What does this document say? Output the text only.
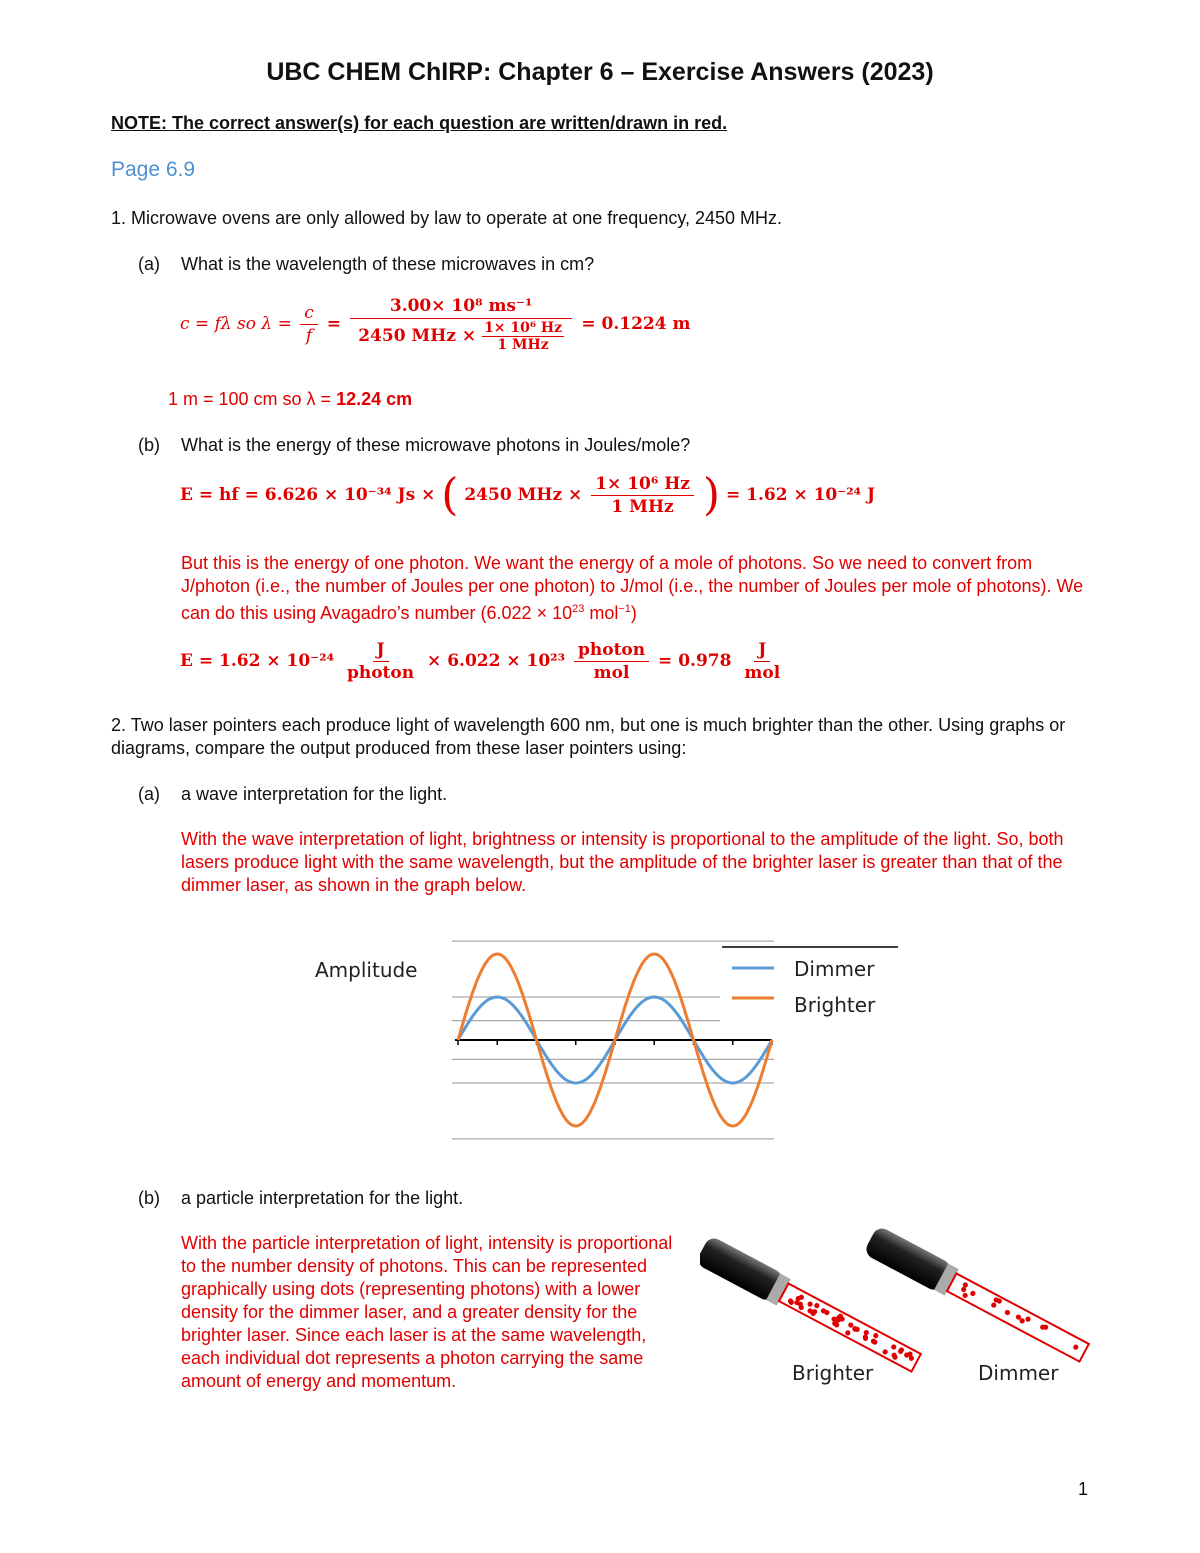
UBC CHEM ChIRP: Chapter 6 – Exercise Answers (2023)
NOTE: The correct answer(s) for each question are written/drawn in red.
Page 6.9
1. Microwave ovens are only allowed by law to operate at one frequency, 2450 MHz.
(a) What is the wavelength of these microwaves in cm?
c = fλ so $\lambda = \frac{c}{f} = \frac{\text{3.00× 10⁸ ms⁻¹}}{2450 MHz \times \frac{\text{1× 10⁶ Hz}}{\text{1 MHz}}} = 0.1224$ m
1 m = 100 cm so λ = 12.24 cm
(b) What is the energy of these microwave photons in Joules/mole?
E = hf = 6.626 × 10⁻³⁴ Js × ( 2450 MHz × $\frac{\text{1× 10⁶ Hz}}{\text{1 MHz}}$ ) = 1.62 × 10⁻²⁴ J
But this is the energy of one photon. We want the energy of a mole of photons. So we need to convert from J/photon (i.e., the number of Joules per one photon) to J/mol (i.e., the number of Joules per mole of photons). We can do this using Avagadro’s number ($6.022 \times 10^{23}$ mol$^{-1}$)
$E = 1.62 \times 10^{-24} \frac{J}{\text{photon}} \times 6.022 \times 10^{23} \frac{\text{photon}}{\text{mol}} = 0.978 \frac{J}{\text{mol}}$
2. Two laser pointers each produce light of wavelength 600 nm, but one is much brighter than the other. Using graphs or diagrams, compare the output produced from these laser pointers using:
(a) a wave interpretation for the light.
With the wave interpretation of light, brightness or intensity is proportional to the amplitude of the light. So, both lasers produce light with the same wavelength, but the amplitude of the brighter laser is greater than that of the dimmer laser, as shown in the graph below.
Amplitude	Dimmer
Brighter
(b) a particle interpretation for the light.
With the particle interpretation of light, intensity is proportional to the number density of photons. This can be represented graphically using dots (representing photons) with a lower density for the dimmer laser, and a greater density for the brighter laser. Since each laser is at the same wavelength, each individual dot represents a photon carrying the same amount of energy and momentum.	Brighter	Dimmer
1
